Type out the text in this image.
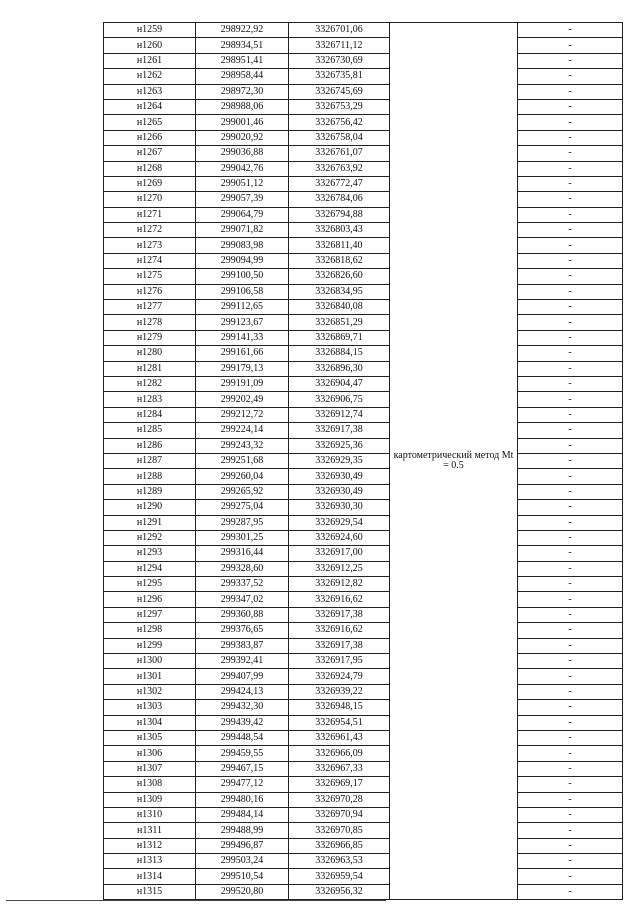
н1259	298922,92	3326701,06	картометрический метод Mt = 0.5	-
н1260	298934,51	3326711,12		-
н1261	298951,41	3326730,69		-
н1262	298958,44	3326735,81		-
н1263	298972,30	3326745,69		-
н1264	298988,06	3326753,29		-
н1265	299001,46	3326756,42		-
н1266	299020,92	3326758,04		-
н1267	299036,88	3326761,07		-
н1268	299042,76	3326763,92		-
н1269	299051,12	3326772,47		-
н1270	299057,39	3326784,06		-
н1271	299064,79	3326794,88		-
н1272	299071,82	3326803,43		-
н1273	299083,98	3326811,40		-
н1274	299094,99	3326818,62		-
н1275	299100,50	3326826,60		-
н1276	299106,58	3326834,95		-
н1277	299112,65	3326840,08		-
н1278	299123,67	3326851,29		-
н1279	299141,33	3326869,71		-
н1280	299161,66	3326884,15		-
н1281	299179,13	3326896,30		-
н1282	299191,09	3326904,47		-
н1283	299202,49	3326906,75		-
н1284	299212,72	3326912,74		-
н1285	299224,14	3326917,38		-
н1286	299243,32	3326925,36		-
н1287	299251,68	3326929,35		-
н1288	299260,04	3326930,49		-
н1289	299265,92	3326930,49		-
н1290	299275,04	3326930,30		-
н1291	299287,95	3326929,54		-
н1292	299301,25	3326924,60		-
н1293	299316,44	3326917,00		-
н1294	299328,60	3326912,25		-
н1295	299337,52	3326912,82		-
н1296	299347,02	3326916,62		-
н1297	299360,88	3326917,38		-
н1298	299376,65	3326916,62		-
н1299	299383,87	3326917,38		-
н1300	299392,41	3326917,95		-
н1301	299407,99	3326924,79		-
н1302	299424,13	3326939,22		-
н1303	299432,30	3326948,15		-
н1304	299439,42	3326954,51		-
н1305	299448,54	3326961,43		-
н1306	299459,55	3326966,09		-
н1307	299467,15	3326967,33		-
н1308	299477,12	3326969,17		-
н1309	299480,16	3326970,28		-
н1310	299484,14	3326970,94		-
н1311	299488,99	3326970,85		-
н1312	299496,87	3326966,85		-
н1313	299503,24	3326963,53		-
н1314	299510,54	3326959,54		-
н1315	299520,80	3326956,32		-
